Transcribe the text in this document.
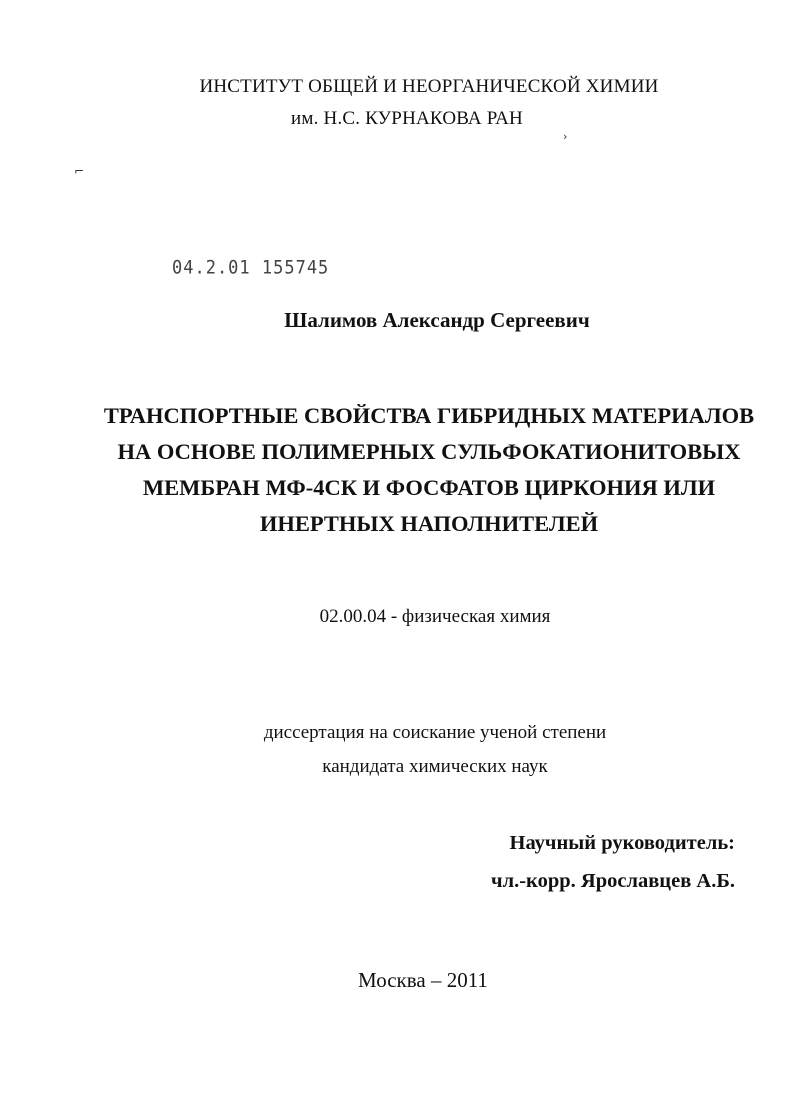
ИНСТИТУТ ОБЩЕЙ И НЕОРГАНИЧЕСКОЙ ХИМИИ
им. Н.С. КУРНАКОВА РАН
›
⌐
04.2.01 155745
Шалимов Александр Сергеевич
ТРАНСПОРТНЫЕ СВОЙСТВА ГИБРИДНЫХ МАТЕРИАЛОВ
НА ОСНОВЕ ПОЛИМЕРНЫХ СУЛЬФОКАТИОНИТОВЫХ
МЕМБРАН МФ-4СК И ФОСФАТОВ ЦИРКОНИЯ ИЛИ
ИНЕРТНЫХ НАПОЛНИТЕЛЕЙ
02.00.04 - физическая химия
диссертация на соискание ученой степени
кандидата химических наук
Научный руководитель:
чл.-корр. Ярославцев А.Б.
Москва – 2011
